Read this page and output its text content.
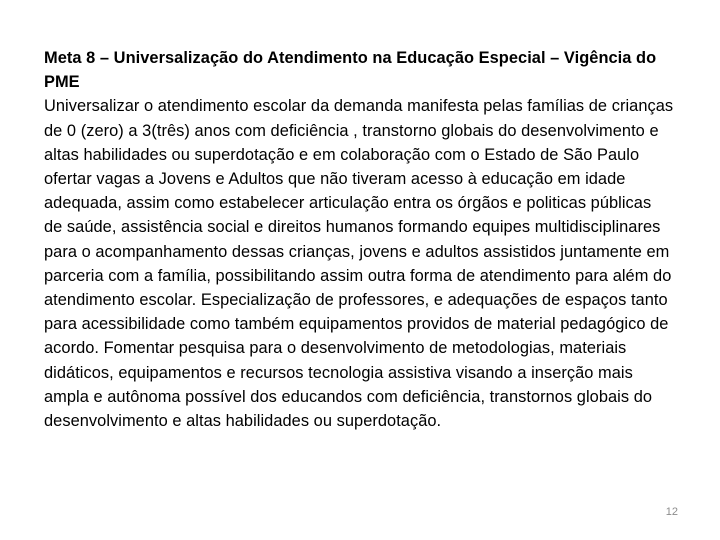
Meta 8 – Universalização do Atendimento na Educação Especial – Vigência do PME

Universalizar o atendimento escolar da demanda manifesta pelas famílias de crianças de 0 (zero) a 3(três) anos com deficiência , transtorno globais do desenvolvimento e altas habilidades ou superdotação e em colaboração com o Estado de São Paulo ofertar vagas a Jovens e Adultos que não tiveram acesso à educação em idade adequada, assim como estabelecer articulação entra os órgãos e politicas públicas de saúde, assistência social e direitos humanos formando equipes multidisciplinares para o acompanhamento dessas crianças, jovens e adultos assistidos juntamente em parceria com a família, possibilitando assim outra forma de atendimento para além do atendimento escolar. Especialização de professores, e adequações de espaços tanto para acessibilidade como também equipamentos providos de material pedagógico de acordo. Fomentar pesquisa para o desenvolvimento de metodologias, materiais didáticos, equipamentos e recursos tecnologia assistiva visando a inserção mais ampla e autônoma possível dos educandos com deficiência, transtornos globais do desenvolvimento e altas habilidades ou superdotação.

12
